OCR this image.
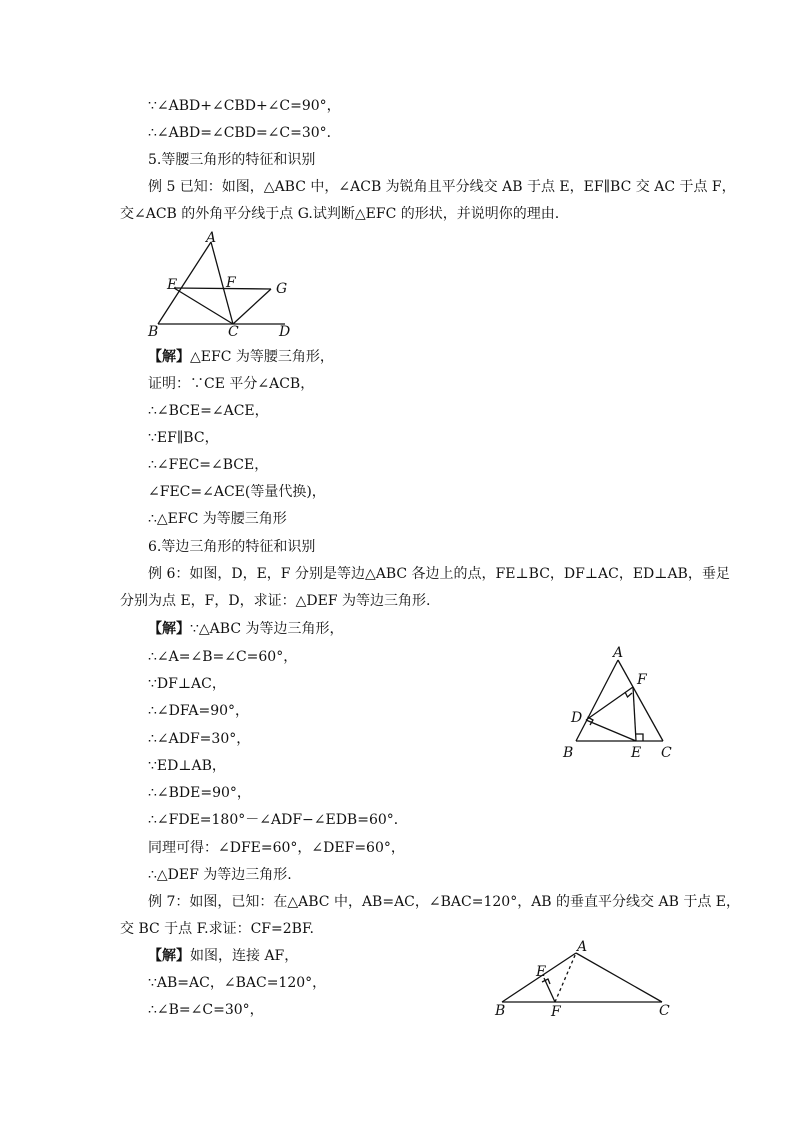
∵∠ABD+∠CBD+∠C=90°，
∴∠ABD=∠CBD=∠C=30°．
5.等腰三角形的特征和识别
例 5 已知：如图，△ABC 中，∠ACB 为锐角且平分线交 AB 于点 E，EF∥BC 交 AC 于点 F，
交∠ACB 的外角平分线于点 G.试判断△EFC 的形状，并说明你的理由.
A
E	F	G
B	C	D
【解】△EFC 为等腰三角形，
证明：∵CE 平分∠ACB，
∴∠BCE=∠ACE，
∵EF∥BC，
∴∠FEC=∠BCE，
∠FEC=∠ACE(等量代换)，
∴△EFC 为等腰三角形
6.等边三角形的特征和识别
例 6：如图，D，E，F 分别是等边△ABC 各边上的点，FE⊥BC，DF⊥AC，ED⊥AB，垂足
分别为点 E，F，D，求证：△DEF 为等边三角形.
【解】∵△ABC 为等边三角形，
∴∠A=∠B=∠C=60°，
∵DF⊥AC，
∴∠DFA=90°，
∴∠ADF=30°，
∵ED⊥AB，
∴∠BDE=90°，
∴∠FDE=180°－∠ADF−∠EDB=60°．
同理可得：∠DFE=60°，∠DEF=60°，
∴△DEF 为等边三角形.
A
F
D
B	E C
例 7：如图，已知：在△ABC 中，AB=AC，∠BAC=120°，AB 的垂直平分线交 AB 于点 E，
交 BC 于点 F.求证：CF=2BF.
【解】如图，连接 AF，
∵AB=AC，∠BAC=120°，
∴∠B=∠C=30°，
A
E
B	F	C
